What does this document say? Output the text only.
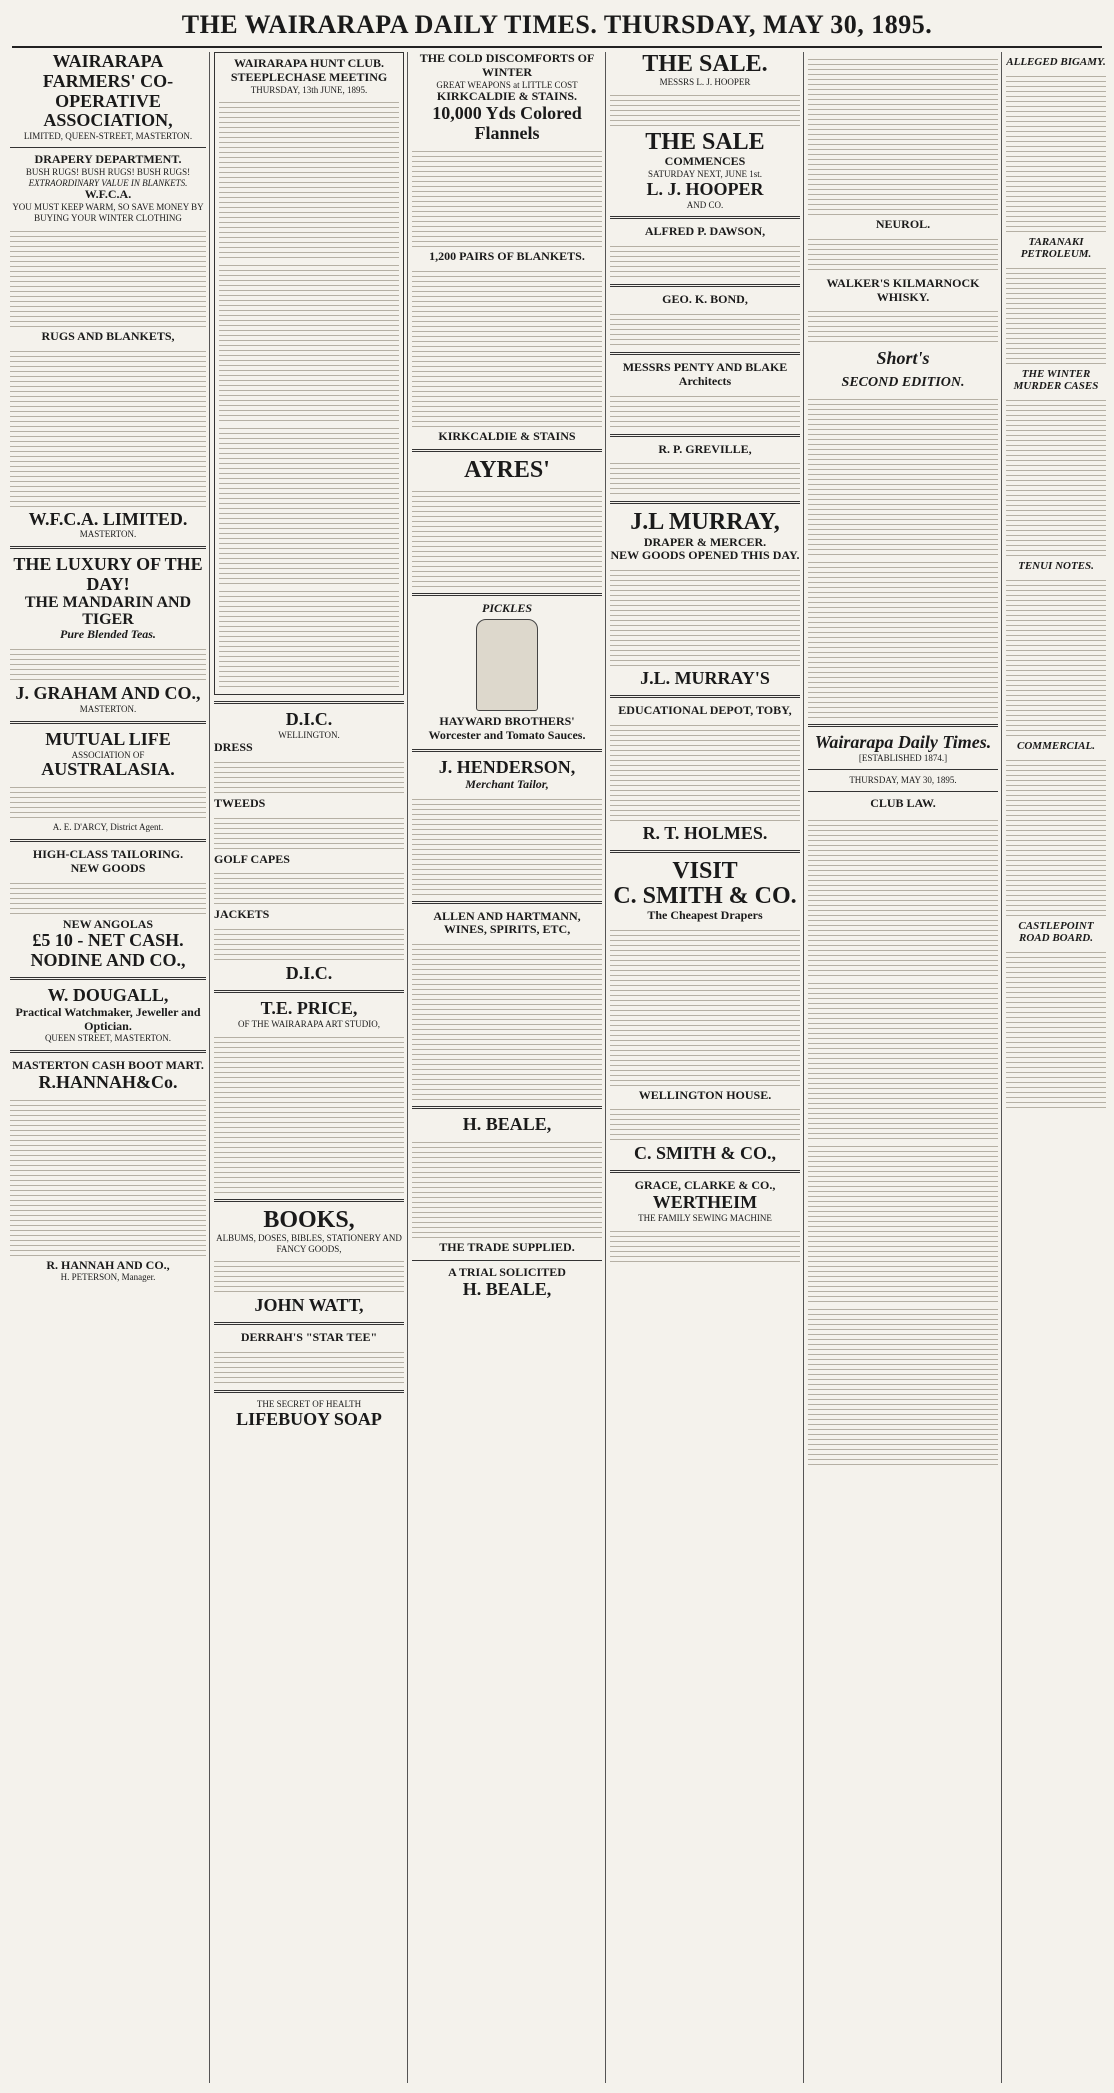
THE WAIRARAPA DAILY TIMES. THURSDAY, MAY 30, 1895.
WAIRARAPA
FARMERS' CO-OPERATIVE
ASSOCIATION,
LIMITED, QUEEN-STREET, MASTERTON.
DRAPERY DEPARTMENT.
BUSH RUGS! BUSH RUGS! BUSH RUGS!
EXTRAORDINARY VALUE IN BLANKETS.
W.F.C.A.
YOU MUST KEEP WARM, SO SAVE MONEY BY BUYING YOUR WINTER CLOTHING
RUGS AND BLANKETS,
W.F.C.A. LIMITED.
MASTERTON.
THE LUXURY OF THE DAY!
THE MANDARIN AND TIGER
Pure Blended Teas.
J. GRAHAM AND CO.,
MASTERTON.
MUTUAL LIFE
ASSOCIATION OF
AUSTRALASIA.
A. E. D'ARCY, District Agent.
HIGH-CLASS TAILORING.
NEW GOODS
NEW ANGOLAS
£5 10 - NET CASH.
NODINE AND CO.,
W. DOUGALL,
Practical Watchmaker, Jeweller and Optician.
QUEEN STREET, MASTERTON.
MASTERTON CASH BOOT MART.
R.HANNAH&Co.
R. HANNAH AND CO.,
H. PETERSON, Manager.
WAIRARAPA HUNT CLUB.
STEEPLECHASE MEETING
THURSDAY, 13th JUNE, 1895.
D.I.C.
WELLINGTON.
DRESS
TWEEDS
GOLF CAPES
JACKETS
D.I.C.
T.E. PRICE,
OF THE WAIRARAPA ART STUDIO,
BOOKS,
ALBUMS, DOSES, BIBLES, STATIONERY AND FANCY GOODS,
JOHN WATT,
DERRAH'S "STAR TEE"
THE SECRET OF HEALTH
LIFEBUOY SOAP
THE COLD DISCOMFORTS OF WINTER
GREAT WEAPONS at LITTLE COST
KIRKCALDIE & STAINS.
10,000 Yds Colored Flannels
1,200 PAIRS OF BLANKETS.
KIRKCALDIE & STAINS
AYRES'
PICKLES
HAYWARD BROTHERS' Worcester and Tomato Sauces.
J. HENDERSON,
Merchant Tailor,
ALLEN AND HARTMANN,
WINES, SPIRITS, ETC,
H. BEALE,
THE TRADE SUPPLIED.
A TRIAL SOLICITED
H. BEALE,
THE SALE.
MESSRS L. J. HOOPER
THE SALE
COMMENCES
SATURDAY NEXT, JUNE 1st.
L. J. HOOPER
AND CO.
ALFRED P. DAWSON,
GEO. K. BOND,
MESSRS PENTY AND BLAKE Architects
R. P. GREVILLE,
J.L MURRAY,
DRAPER & MERCER.
NEW GOODS OPENED THIS DAY.
J.L. MURRAY'S
EDUCATIONAL DEPOT, TOBY,
R. T. HOLMES.
VISIT
C. SMITH & CO.
The Cheapest Drapers
WELLINGTON HOUSE.
C. SMITH & CO.,
GRACE, CLARKE & CO.,
WERTHEIM
THE FAMILY SEWING MACHINE
NEUROL.
WALKER'S KILMARNOCK WHISKY.
Short's
SECOND EDITION.
Wairarapa Daily Times.
[ESTABLISHED 1874.]
THURSDAY, MAY 30, 1895.
CLUB LAW.
ALLEGED BIGAMY.
TARANAKI PETROLEUM.
THE WINTER MURDER CASES
TENUI NOTES.
COMMERCIAL.
CASTLEPOINT ROAD BOARD.
